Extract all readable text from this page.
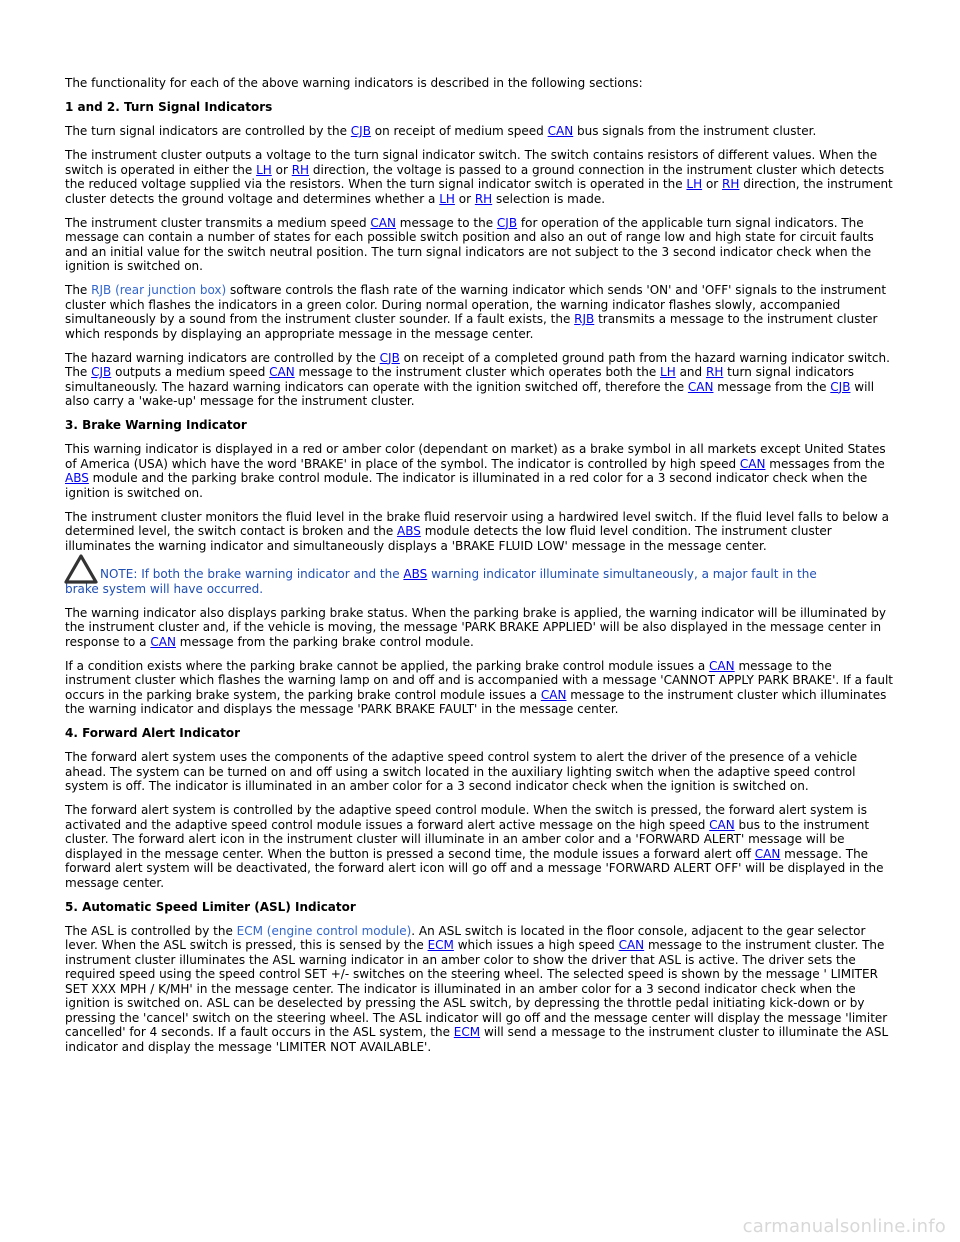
The functionality for each of the above warning indicators is described in the following sections:

1 and 2. Turn Signal Indicators

The turn signal indicators are controlled by the CJB on receipt of medium speed CAN bus signals from the instrument cluster.

The instrument cluster outputs a voltage to the turn signal indicator switch. The switch contains resistors of different values. When the switch is operated in either the LH or RH direction, the voltage is passed to a ground connection in the instrument cluster which detects the reduced voltage supplied via the resistors. When the turn signal indicator switch is operated in the LH or RH direction, the instrument cluster detects the ground voltage and determines whether a LH or RH selection is made.

The instrument cluster transmits a medium speed CAN message to the CJB for operation of the applicable turn signal indicators. The message can contain a number of states for each possible switch position and also an out of range low and high state for circuit faults and an initial value for the switch neutral position. The turn signal indicators are not subject to the 3 second indicator check when the ignition is switched on.

The RJB (rear junction box) software controls the flash rate of the warning indicator which sends 'ON' and 'OFF' signals to the instrument cluster which flashes the indicators in a green color. During normal operation, the warning indicator flashes slowly, accompanied simultaneously by a sound from the instrument cluster sounder. If a fault exists, the RJB transmits a message to the instrument cluster which responds by displaying an appropriate message in the message center.

The hazard warning indicators are controlled by the CJB on receipt of a completed ground path from the hazard warning indicator switch. The CJB outputs a medium speed CAN message to the instrument cluster which operates both the LH and RH turn signal indicators simultaneously. The hazard warning indicators can operate with the ignition switched off, therefore the CAN message from the CJB will also carry a 'wake-up' message for the instrument cluster.

3. Brake Warning Indicator

This warning indicator is displayed in a red or amber color (dependant on market) as a brake symbol in all markets except United States of America (USA) which have the word 'BRAKE' in place of the symbol. The indicator is controlled by high speed CAN messages from the ABS module and the parking brake control module. The indicator is illuminated in a red color for a 3 second indicator check when the ignition is switched on.

The instrument cluster monitors the fluid level in the brake fluid reservoir using a hardwired level switch. If the fluid level falls to below a determined level, the switch contact is broken and the ABS module detects the low fluid level condition. The instrument cluster illuminates the warning indicator and simultaneously displays a 'BRAKE FLUID LOW' message in the message center.

NOTE: If both the brake warning indicator and the ABS warning indicator illuminate simultaneously, a major fault in the

brake system will have occurred.

The warning indicator also displays parking brake status. When the parking brake is applied, the warning indicator will be illuminated by the instrument cluster and, if the vehicle is moving, the message 'PARK BRAKE APPLIED' will be also displayed in the message center in response to a CAN message from the parking brake control module.

If a condition exists where the parking brake cannot be applied, the parking brake control module issues a CAN message to the instrument cluster which flashes the warning lamp on and off and is accompanied with a message 'CANNOT APPLY PARK BRAKE'. If a fault occurs in the parking brake system, the parking brake control module issues a CAN message to the instrument cluster which illuminates the warning indicator and displays the message 'PARK BRAKE FAULT' in the message center.

4. Forward Alert Indicator

The forward alert system uses the components of the adaptive speed control system to alert the driver of the presence of a vehicle ahead. The system can be turned on and off using a switch located in the auxiliary lighting switch when the adaptive speed control system is off. The indicator is illuminated in an amber color for a 3 second indicator check when the ignition is switched on.

The forward alert system is controlled by the adaptive speed control module. When the switch is pressed, the forward alert system is activated and the adaptive speed control module issues a forward alert active message on the high speed CAN bus to the instrument cluster. The forward alert icon in the instrument cluster will illuminate in an amber color and a 'FORWARD ALERT' message will be displayed in the message center. When the button is pressed a second time, the module issues a forward alert off CAN message. The forward alert system will be deactivated, the forward alert icon will go off and a message 'FORWARD ALERT OFF' will be displayed in the message center.

5. Automatic Speed Limiter (ASL) Indicator

The ASL is controlled by the ECM (engine control module). An ASL switch is located in the floor console, adjacent to the gear selector lever. When the ASL switch is pressed, this is sensed by the ECM which issues a high speed CAN message to the instrument cluster. The instrument cluster illuminates the ASL warning indicator in an amber color to show the driver that ASL is active. The driver sets the required speed using the speed control SET +/- switches on the steering wheel. The selected speed is shown by the message ' LIMITER SET XXX MPH / K/MH' in the message center. The indicator is illuminated in an amber color for a 3 second indicator check when the ignition is switched on. ASL can be deselected by pressing the ASL switch, by depressing the throttle pedal initiating kick-down or by pressing the 'cancel' switch on the steering wheel. The ASL indicator will go off and the message center will display the message 'limiter cancelled' for 4 seconds. If a fault occurs in the ASL system, the ECM will send a message to the instrument cluster to illuminate the ASL indicator and display the message 'LIMITER NOT AVAILABLE'.

carmanualsonline.info
